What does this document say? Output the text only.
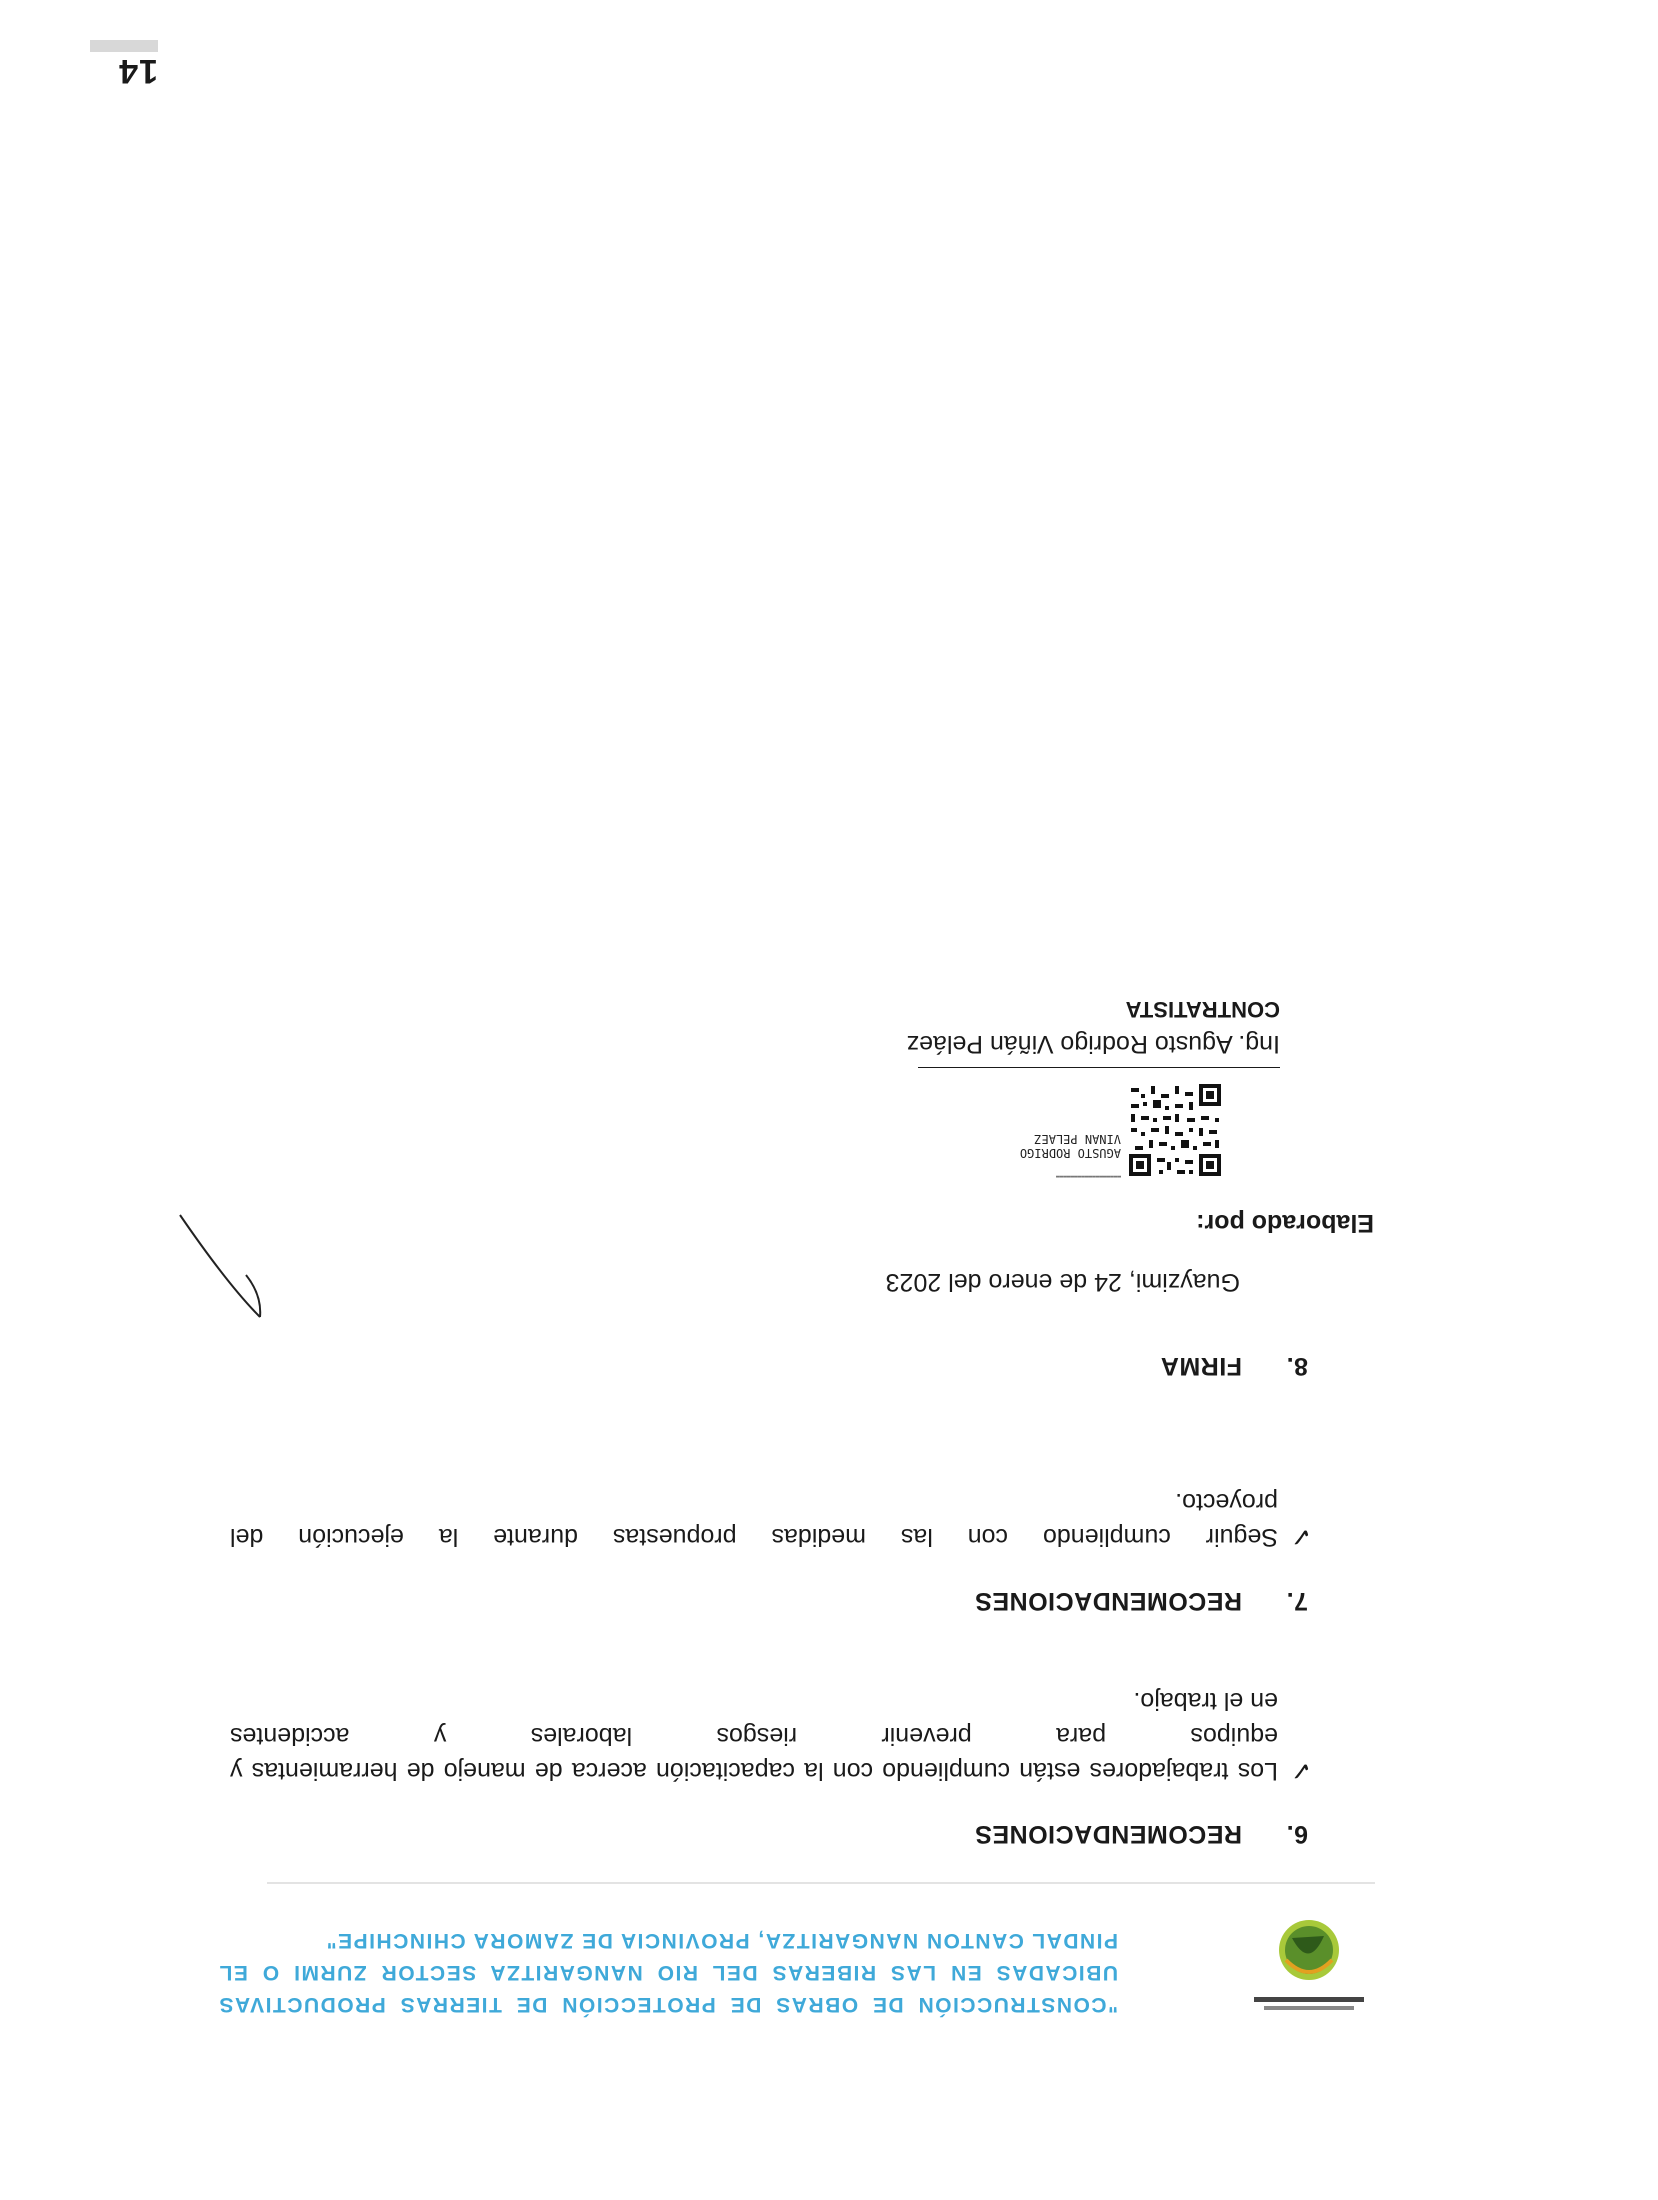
"CONSTRUCCIÓN DE OBRAS DE PROTECCIÓN DE TIERRAS PRODUCTIVAS UBICADAS EN LAS RIBERAS DEL RIO NANGARITZA SECTOR ZURMI O EL PINDAL CANTON NANGARITZA, PROVINCIA DE ZAMORA CHINCHIPE"
6.RECOMENDACIONES
✓
Los trabajadores están cumpliendo con la capacitación acerca de manejo de herramientas y equipos para prevenir riesgos laborales y accidentes
en el trabajo.
7.RECOMENDACIONES
✓
Seguir cumpliendo con las medidas propuestas durante la ejecución del
proyecto.
8.FIRMA
Guayzimi, 24 de enero del 2023
Elaborado por:
AGUSTO RODRIGO
VINAN PELAEZ
▬▬▬▬▬▬▬▬▬▬▬▬▬▬▬▬▬▬
Ing. Agusto Rodrigo Viñán Peláez
CONTRATISTA
14
